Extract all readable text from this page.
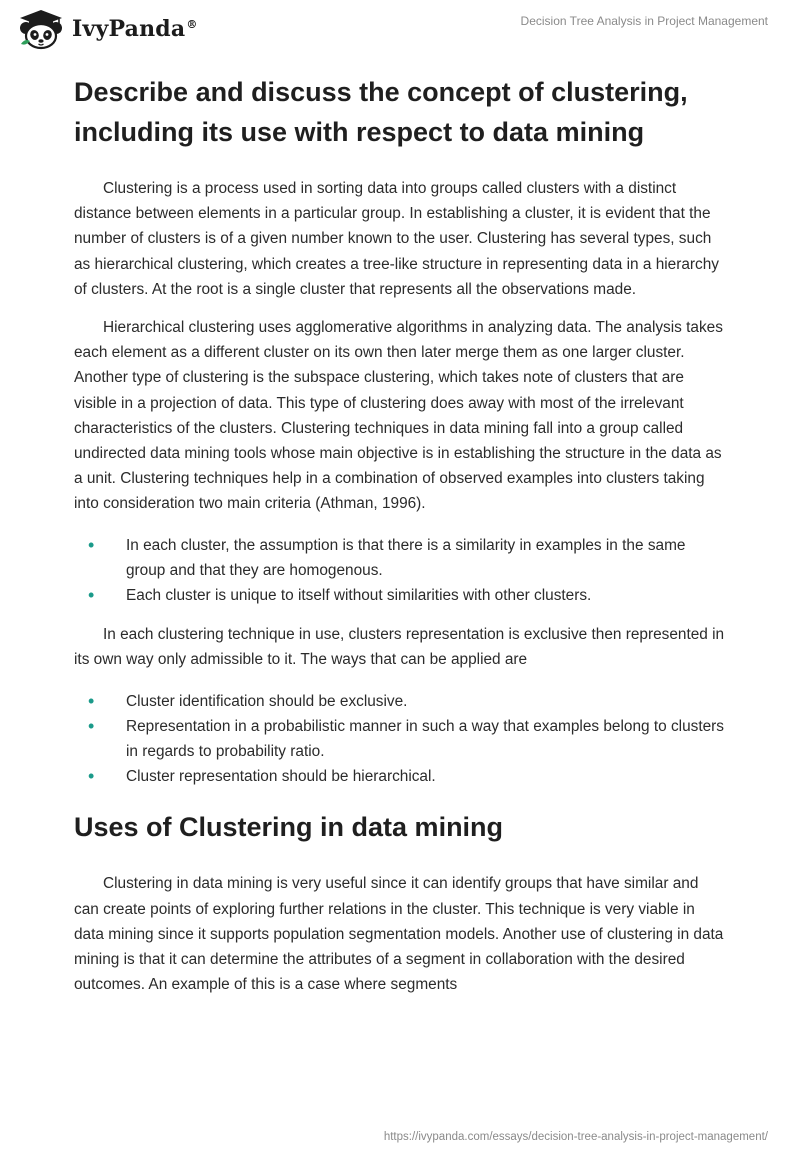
IvyPanda®	Decision Tree Analysis in Project Management
Describe and discuss the concept of clustering, including its use with respect to data mining

Clustering is a process used in sorting data into groups called clusters with a distinct distance between elements in a particular group. In establishing a cluster, it is evident that the number of clusters is of a given number known to the user. Clustering has several types, such as hierarchical clustering, which creates a tree-like structure in representing data in a hierarchy of clusters. At the root is a single cluster that represents all the observations made.

Hierarchical clustering uses agglomerative algorithms in analyzing data. The analysis takes each element as a different cluster on its own then later merge them as one larger cluster. Another type of clustering is the subspace clustering, which takes note of clusters that are visible in a projection of data. This type of clustering does away with most of the irrelevant characteristics of the clusters. Clustering techniques in data mining fall into a group called undirected data mining tools whose main objective is in establishing the structure in the data as a unit. Clustering techniques help in a combination of observed examples into clusters taking into consideration two main criteria (Athman, 1996).

• In each cluster, the assumption is that there is a similarity in examples in the same group and that they are homogenous.
• Each cluster is unique to itself without similarities with other clusters.

In each clustering technique in use, clusters representation is exclusive then represented in its own way only admissible to it. The ways that can be applied are

• Cluster identification should be exclusive.
• Representation in a probabilistic manner in such a way that examples belong to clusters in regards to probability ratio.
• Cluster representation should be hierarchical.
Uses of Clustering in data mining

Clustering in data mining is very useful since it can identify groups that have similar and can create points of exploring further relations in the cluster. This technique is very viable in data mining since it supports population segmentation models. Another use of clustering in data mining is that it can determine the attributes of a segment in collaboration with the desired outcomes. An example of this is a case where segments

https://ivypanda.com/essays/decision-tree-analysis-in-project-management/
